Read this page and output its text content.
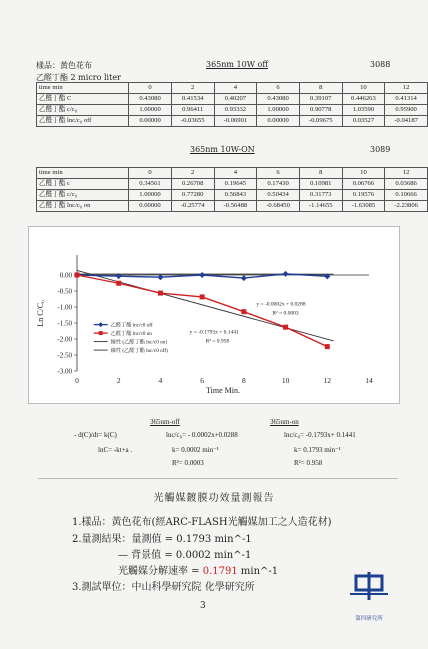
樣品：黃色花布	365nm 10W off	3088
乙醛丁酯 2 micro liter
time min	0	2	4	6	8	10	12
乙醛丁酯 C	0.43080	0.41534	0.40207	0.43080	0.39107	0.446263	0.41314
乙醛丁酯 c/c₀	1.00000	0.96411	0.93332	1.00000	0.90778	1.03590	0.95900
乙醛丁酯 lnc/c₀ off	0.00000	-0.03655	-0.06901	0.00000	-0.09675	0.03527	-0.04187
365nm 10W-ON	3089
time min	0	2	4	6	8	10	12
乙醛丁酯 c	0.34561	0.26708	0.19645	0.17430	0.10981	0.06766	0.03686
乙醛丁酯 c/c₀	1.00000	0.77280	0.56843	0.50434	0.31773	0.19576	0.10666
乙醛丁酯 lnc/c₀ on	0.00000	-0.25774	-0.56488	-0.68450	-1.14655	-1.63085	-2.23806
-3.00
-2.50
-2.00
-1.50
-1.00
-0.50
0.00
0	2	4	6	8	10	12	14
Time Min.
Ln C/C₀	乙醛丁酯 lnc/c0 off
乙醛丁酯 lnc/c0 on
線性 (乙醛丁酯 lnc/c0 on)
線性 (乙醛丁酯 lnc/c0 off)
y = -0.0002x + 0.0288
R² = 0.0003
y = -0.1793x + 0.1441
R² = 0.958
- d(C)/dt= k(C)
lnC= -kt+a .
365nm-off
lnc/c₀= - 0.0002x+0.0288
k= 0.0002 min⁻¹
R²= 0.0003
365nm-on
lnc/c₀= -0.1793x+ 0.1441
k= 0.1793 min⁻¹
R²= 0.958
光觸媒鍍膜功效量測報告
1.樣品：黃色花布(經ARC-FLASH光觸媒加工之人造花材)
2.量測結果：量測值 = 0.1793 min^-1
— 背景值 = 0.0002 min^-1
光觸媒分解速率 = 0.1791 min^-1
3.測試單位：中山科學研究院 化學研究所
第四研究所
3
